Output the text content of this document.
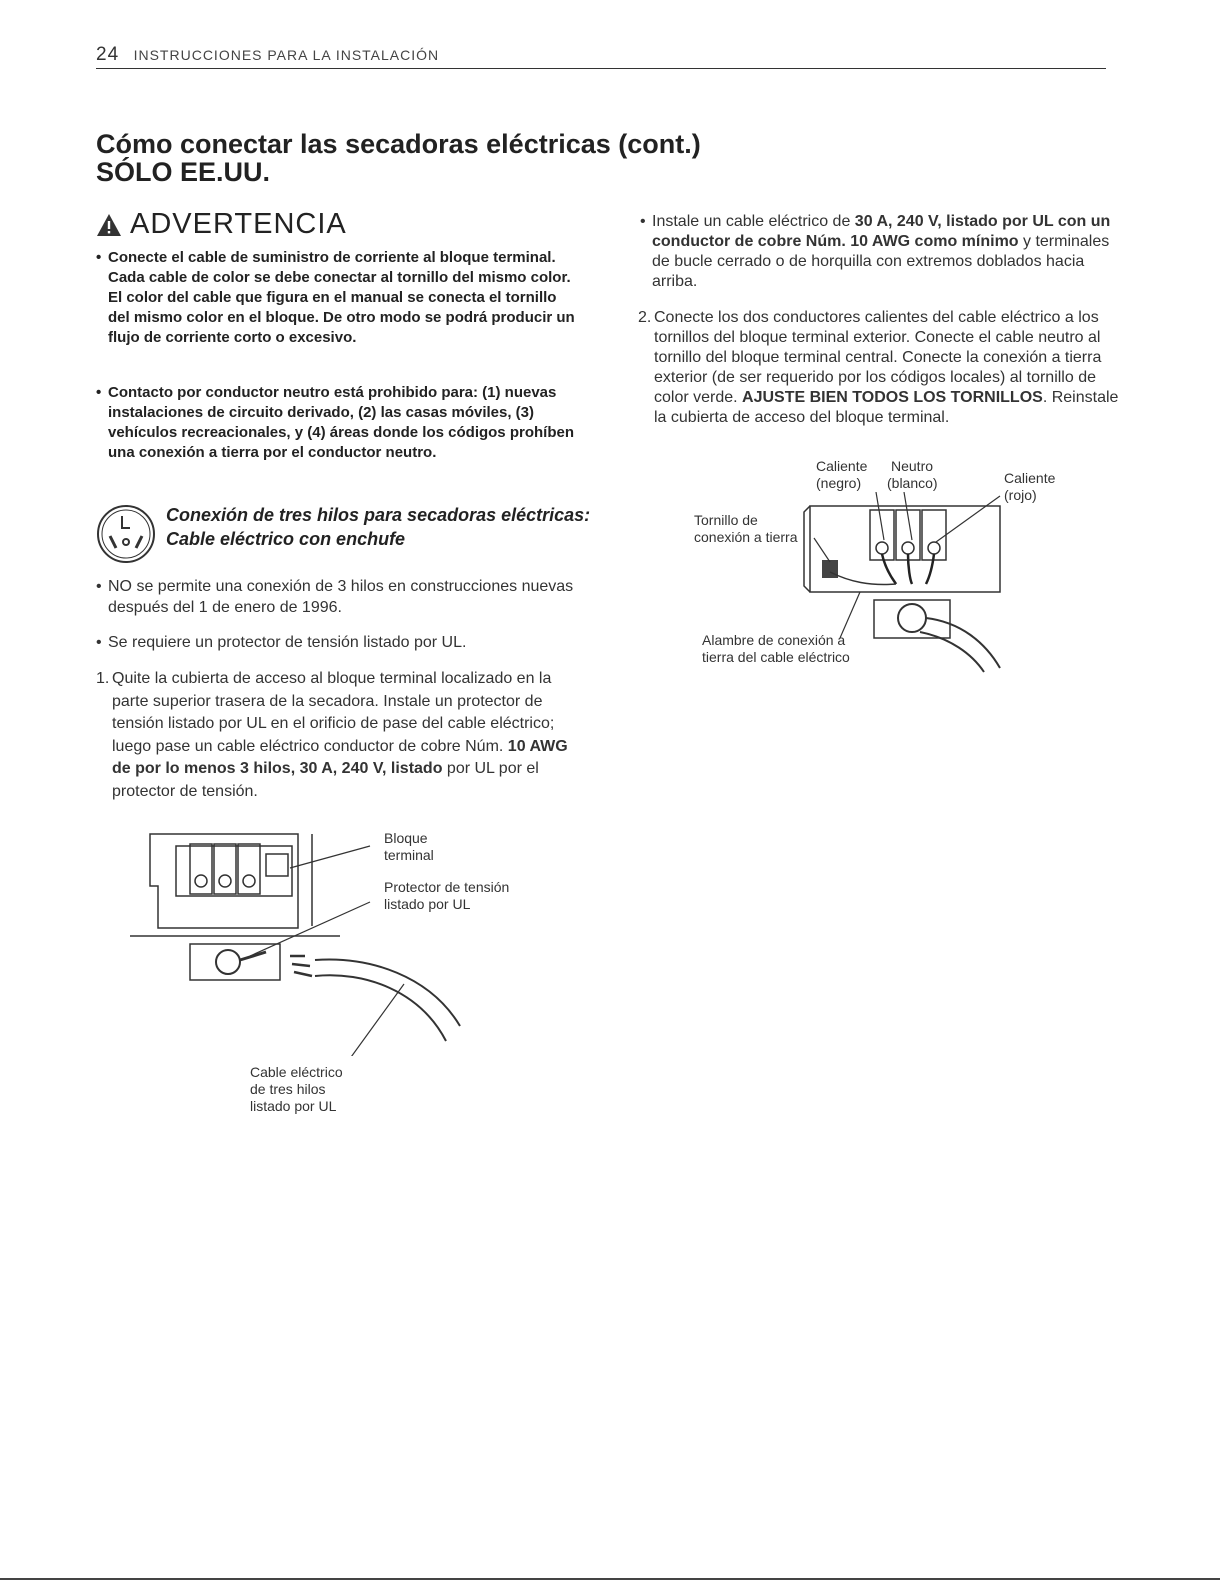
24 INSTRUCCIONES PARA LA INSTALACIÓN
Cómo conectar las secadoras eléctricas (cont.)
SÓLO EE.UU.
ADVERTENCIA
• Conecte el cable de suministro de corriente al bloque terminal. Cada cable de color se debe conectar al tornillo del mismo color. El color del cable que figura en el manual se conecta el tornillo del mismo color en el bloque. De otro modo se podrá producir un flujo de corriente corto o excesivo.
• Contacto por conductor neutro está prohibido para: (1) nuevas instalaciones de circuito derivado, (2) las casas móviles, (3) vehículos recreacionales, y (4) áreas donde los códigos prohíben una conexión a tierra por el conductor neutro.
Conexión de tres hilos para secadoras eléctricas:
Cable eléctrico con enchufe
• NO se permite una conexión de 3 hilos en construcciones nuevas después del 1 de enero de 1996.
• Se requiere un protector de tensión listado por UL.
1. Quite la cubierta de acceso al bloque terminal localizado en la parte superior trasera de la secadora. Instale un protector de tensión listado por UL en el orificio de pase del cable eléctrico; luego pase un cable eléctrico conductor de cobre Núm. 10 AWG de por lo menos 3 hilos, 30 A, 240 V, listado por UL por el protector de tensión.
• Instale un cable eléctrico de 30 A, 240 V, listado por UL con un conductor de cobre Núm. 10 AWG como mínimo y terminales de bucle cerrado o de horquilla con extremos doblados hacia arriba.
2. Conecte los dos conductores calientes del cable eléctrico a los tornillos del bloque terminal exterior. Conecte el cable neutro al tornillo del bloque terminal central. Conecte la conexión a tierra exterior (de ser requerido por los códigos locales) al tornillo de color verde. AJUSTE BIEN TODOS LOS TORNILLOS. Reinstale la cubierta de acceso del bloque terminal.
Bloque
terminal
Protector de tensión
listado por UL
Cable eléctrico
de tres hilos
listado por UL
Caliente
(negro)
Neutro
(blanco)	Caliente
(rojo)
Tornillo de
conexión a tierra
Alambre de conexión a
tierra del cable eléctrico
